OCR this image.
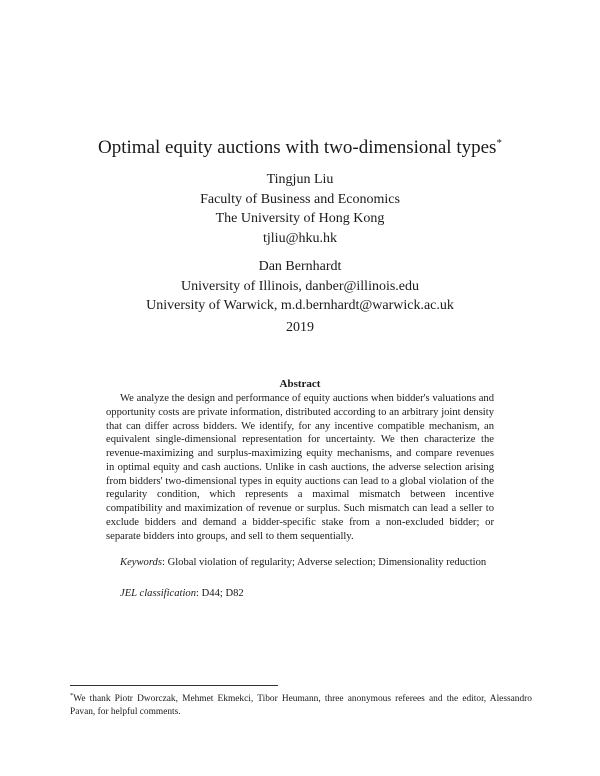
Optimal equity auctions with two-dimensional types*
Tingjun Liu
Faculty of Business and Economics
The University of Hong Kong
tjliu@hku.hk
Dan Bernhardt
University of Illinois, danber@illinois.edu
University of Warwick, m.d.bernhardt@warwick.ac.uk
2019
Abstract

We analyze the design and performance of equity auctions when bidder's valuations and opportunity costs are private information, distributed according to an arbitrary joint density that can differ across bidders. We identify, for any incentive compatible mechanism, an equivalent single-dimensional representation for uncertainty. We then characterize the revenue-maximizing and surplus-maximizing equity mechanisms, and compare revenues in optimal equity and cash auctions. Unlike in cash auctions, the adverse selection arising from bidders' two-dimensional types in equity auctions can lead to a global violation of the regularity condition, which represents a maximal mismatch between incentive compatibility and maximization of revenue or surplus. Such mismatch can lead a seller to exclude bidders and demand a bidder-specific stake from a non-excluded bidder; or separate bidders into groups, and sell to them sequentially.

Keywords: Global violation of regularity; Adverse selection; Dimensionality reduction
JEL classification: D44; D82
*We thank Piotr Dworczak, Mehmet Ekmekci, Tibor Heumann, three anonymous referees and the editor, Alessandro Pavan, for helpful comments.
